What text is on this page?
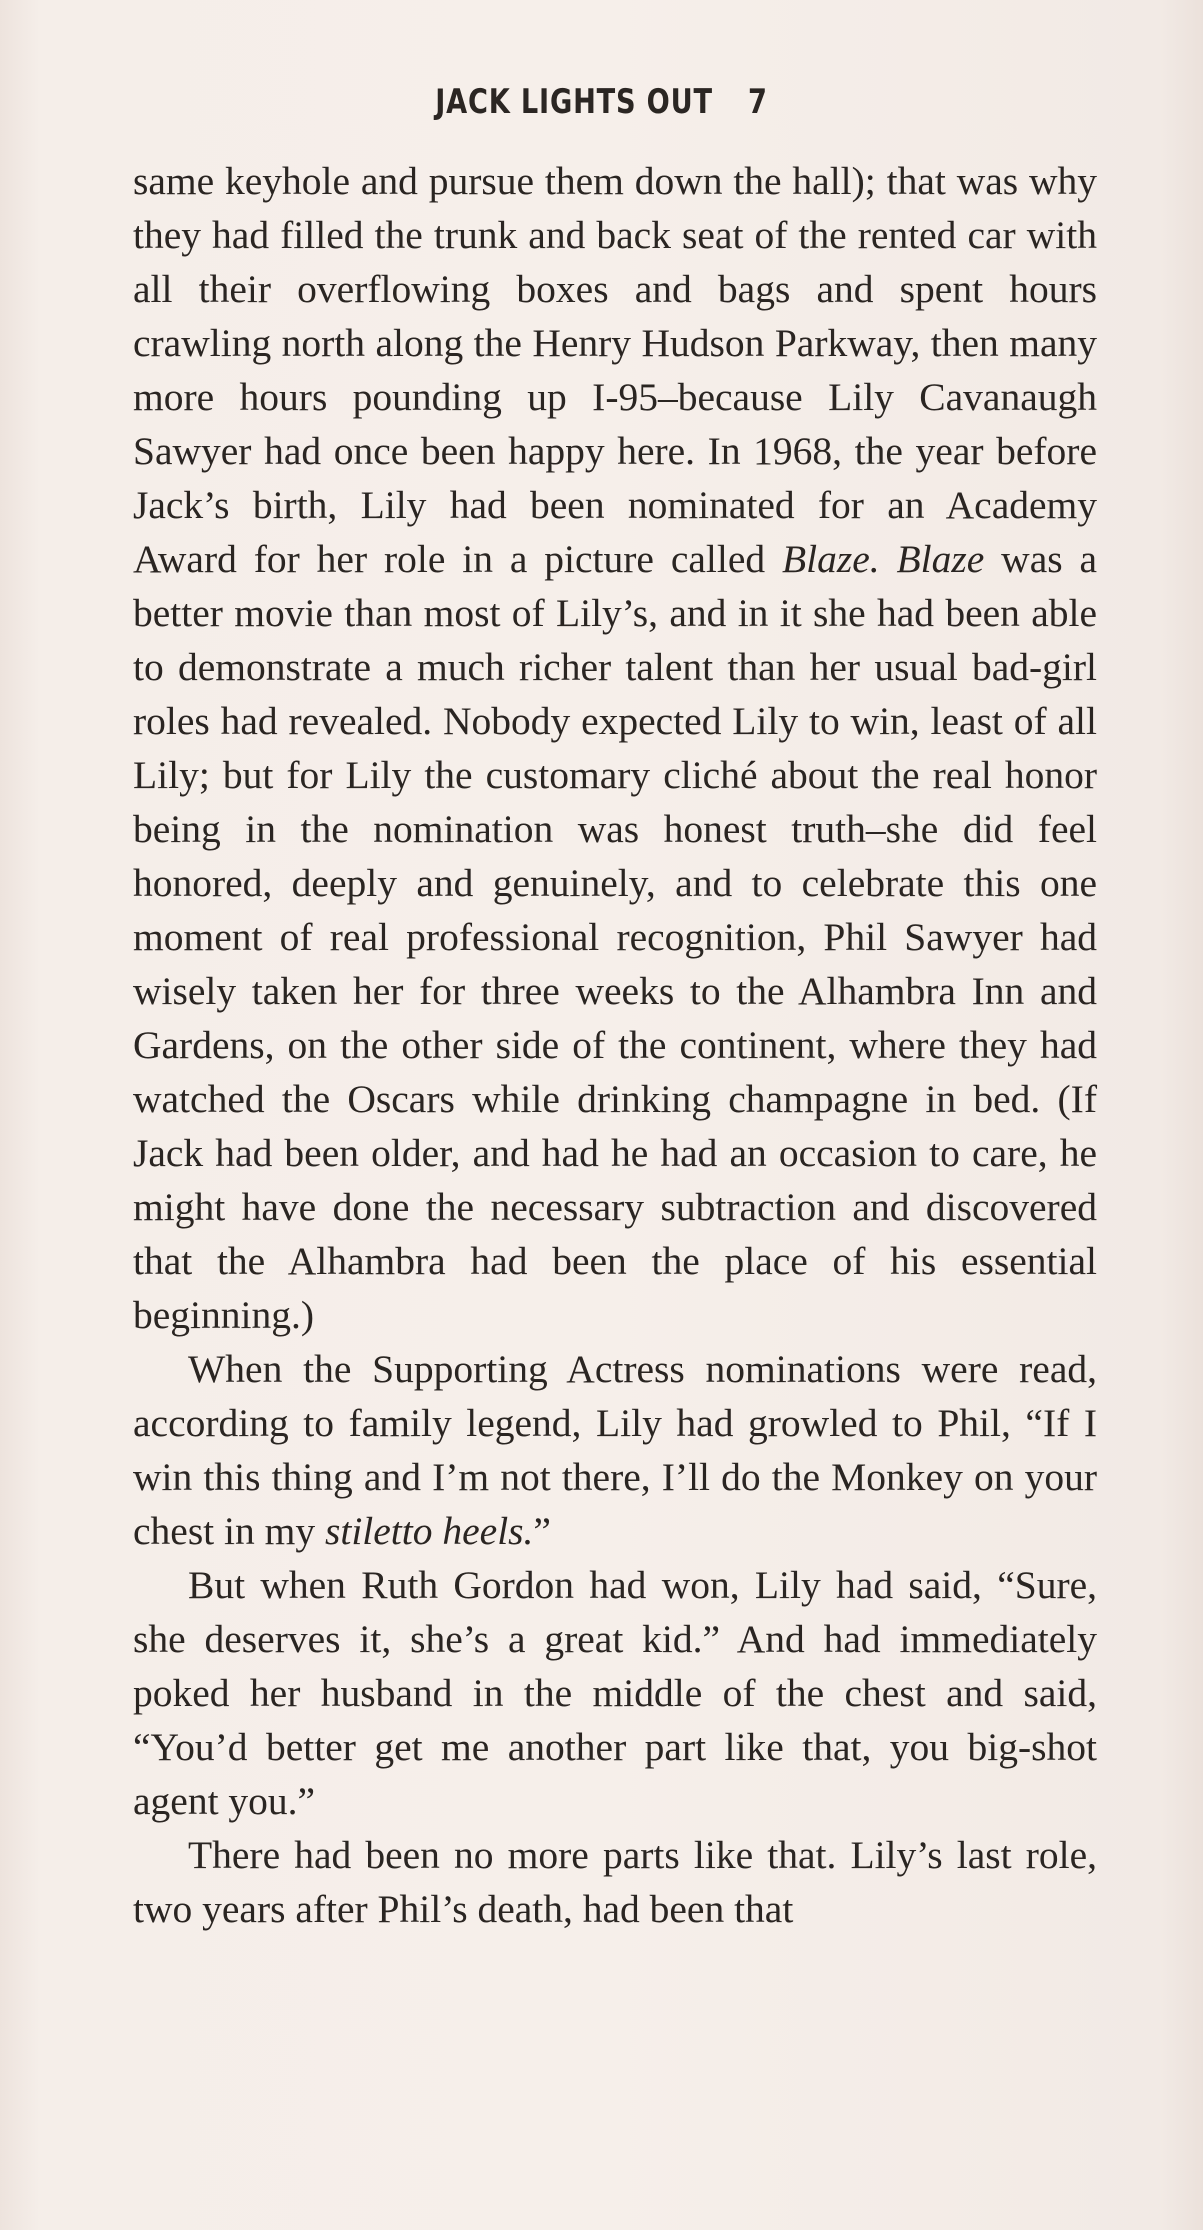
JACK LIGHTS OUT 7

same keyhole and pursue them down the hall); that was why they had filled the trunk and back seat of the rented car with all their overflowing boxes and bags and spent hours crawling north along the Henry Hudson Parkway, then many more hours pounding up I-95–because Lily Cavanaugh Sawyer had once been happy here. In 1968, the year before Jack’s birth, Lily had been nominated for an Academy Award for her role in a picture called Blaze. Blaze was a better movie than most of Lily’s, and in it she had been able to demonstrate a much richer talent than her usual bad-girl roles had revealed. Nobody expected Lily to win, least of all Lily; but for Lily the customary cliché about the real honor being in the nomination was honest truth–she did feel honored, deeply and genuinely, and to celebrate this one moment of real professional recognition, Phil Sawyer had wisely taken her for three weeks to the Alhambra Inn and Gardens, on the other side of the continent, where they had watched the Oscars while drinking champagne in bed. (If Jack had been older, and had he had an occasion to care, he might have done the necessary subtraction and discovered that the Alhambra had been the place of his essential beginning.)

When the Supporting Actress nominations were read, according to family legend, Lily had growled to Phil, “If I win this thing and I’m not there, I’ll do the Monkey on your chest in my stiletto heels.”

But when Ruth Gordon had won, Lily had said, “Sure, she deserves it, she’s a great kid.” And had immediately poked her husband in the middle of the chest and said, “You’d better get me another part like that, you big-shot agent you.”

There had been no more parts like that. Lily’s last role, two years after Phil’s death, had been that
